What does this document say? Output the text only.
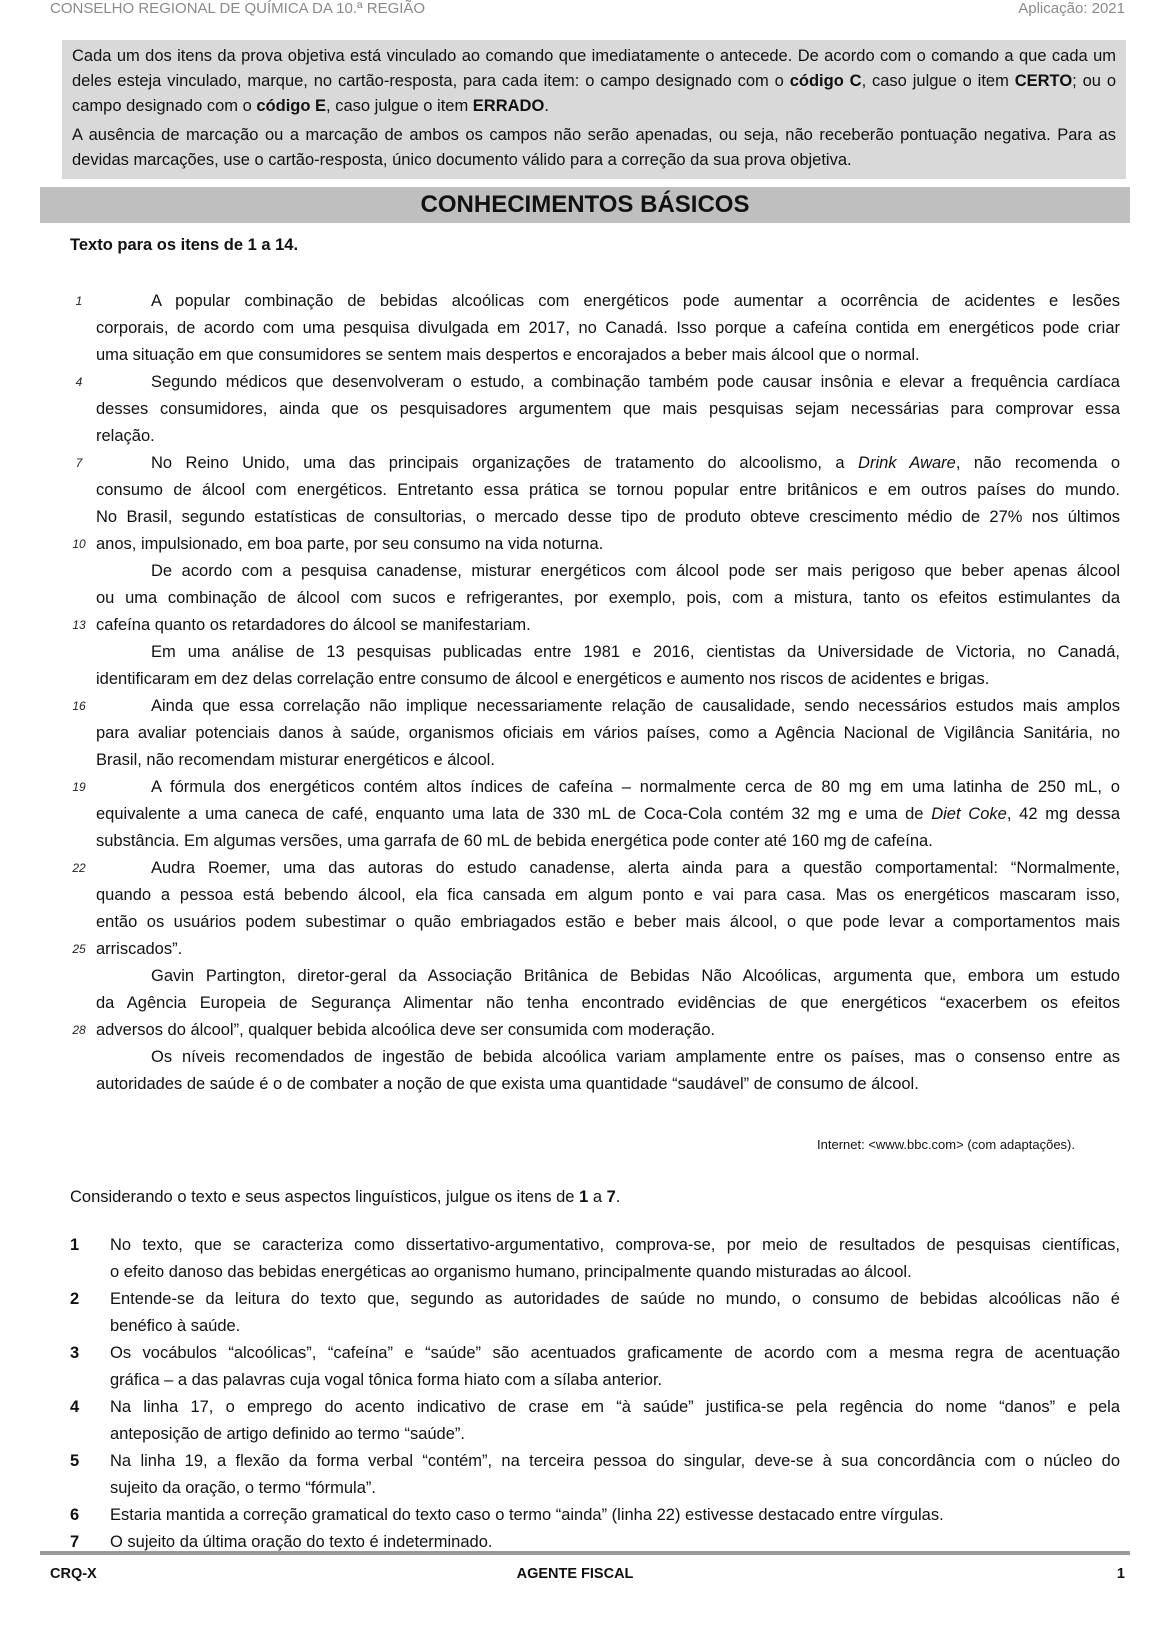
CONSELHO REGIONAL DE QUÍMICA DA 10.ª REGIÃO	Aplicação: 2021

Cada um dos itens da prova objetiva está vinculado ao comando que imediatamente o antecede. De acordo com o comando a que cada um deles esteja vinculado, marque, no cartão-resposta, para cada item: o campo designado com o código C, caso julgue o item CERTO; ou o campo designado com o código E, caso julgue o item ERRADO.

A ausência de marcação ou a marcação de ambos os campos não serão apenadas, ou seja, não receberão pontuação negativa. Para as devidas marcações, use o cartão-resposta, único documento válido para a correção da sua prova objetiva.

CONHECIMENTOS BÁSICOS
Texto para os itens de 1 a 14.
1	A popular combinação de bebidas alcoólicas com energéticos pode aumentar a ocorrência de acidentes e lesões
corporais, de acordo com uma pesquisa divulgada em 2017, no Canadá. Isso porque a cafeína contida em energéticos pode criar
uma situação em que consumidores se sentem mais despertos e encorajados a beber mais álcool que o normal.
4	Segundo médicos que desenvolveram o estudo, a combinação também pode causar insônia e elevar a frequência cardíaca
desses consumidores, ainda que os pesquisadores argumentem que mais pesquisas sejam necessárias para comprovar essa
relação.
7	No Reino Unido, uma das principais organizações de tratamento do alcoolismo, a Drink Aware, não recomenda o
consumo de álcool com energéticos. Entretanto essa prática se tornou popular entre britânicos e em outros países do mundo.
No Brasil, segundo estatísticas de consultorias, o mercado desse tipo de produto obteve crescimento médio de 27% nos últimos
10 anos, impulsionado, em boa parte, por seu consumo na vida noturna.
De acordo com a pesquisa canadense, misturar energéticos com álcool pode ser mais perigoso que beber apenas álcool
ou uma combinação de álcool com sucos e refrigerantes, por exemplo, pois, com a mistura, tanto os efeitos estimulantes da
13 cafeína quanto os retardadores do álcool se manifestariam.
Em uma análise de 13 pesquisas publicadas entre 1981 e 2016, cientistas da Universidade de Victoria, no Canadá,
identificaram em dez delas correlação entre consumo de álcool e energéticos e aumento nos riscos de acidentes e brigas.
16	Ainda que essa correlação não implique necessariamente relação de causalidade, sendo necessários estudos mais amplos
para avaliar potenciais danos à saúde, organismos oficiais em vários países, como a Agência Nacional de Vigilância Sanitária, no
Brasil, não recomendam misturar energéticos e álcool.
19	A fórmula dos energéticos contém altos índices de cafeína – normalmente cerca de 80 mg em uma latinha de 250 mL, o
equivalente a uma caneca de café, enquanto uma lata de 330 mL de Coca-Cola contém 32 mg e uma de Diet Coke, 42 mg dessa
substância. Em algumas versões, uma garrafa de 60 mL de bebida energética pode conter até 160 mg de cafeína.
22	Audra Roemer, uma das autoras do estudo canadense, alerta ainda para a questão comportamental: “Normalmente,
quando a pessoa está bebendo álcool, ela fica cansada em algum ponto e vai para casa. Mas os energéticos mascaram isso,
então os usuários podem subestimar o quão embriagados estão e beber mais álcool, o que pode levar a comportamentos mais
25 arriscados”.
Gavin Partington, diretor-geral da Associação Britânica de Bebidas Não Alcoólicas, argumenta que, embora um estudo
da Agência Europeia de Segurança Alimentar não tenha encontrado evidências de que energéticos “exacerbem os efeitos
28 adversos do álcool”, qualquer bebida alcoólica deve ser consumida com moderação.
Os níveis recomendados de ingestão de bebida alcoólica variam amplamente entre os países, mas o consenso entre as
autoridades de saúde é o de combater a noção de que exista uma quantidade “saudável” de consumo de álcool.
Internet: <www.bbc.com> (com adaptações).
Considerando o texto e seus aspectos linguísticos, julgue os itens de 1 a 7.
1 No texto, que se caracteriza como dissertativo-argumentativo, comprova-se, por meio de resultados de pesquisas científicas,
o efeito danoso das bebidas energéticas ao organismo humano, principalmente quando misturadas ao álcool.
2 Entende-se da leitura do texto que, segundo as autoridades de saúde no mundo, o consumo de bebidas alcoólicas não é
benéfico à saúde.
3 Os vocábulos “alcoólicas”, “cafeína” e “saúde” são acentuados graficamente de acordo com a mesma regra de acentuação
gráfica – a das palavras cuja vogal tônica forma hiato com a sílaba anterior.
4 Na linha 17, o emprego do acento indicativo de crase em “à saúde” justifica-se pela regência do nome “danos” e pela
anteposição de artigo definido ao termo “saúde”.
5 Na linha 19, a flexão da forma verbal “contém”, na terceira pessoa do singular, deve-se à sua concordância com o núcleo do
sujeito da oração, o termo “fórmula”.
6 Estaria mantida a correção gramatical do texto caso o termo “ainda” (linha 22) estivesse destacado entre vírgulas.
7 O sujeito da última oração do texto é indeterminado.
CRQ-X	AGENTE FISCAL	1
